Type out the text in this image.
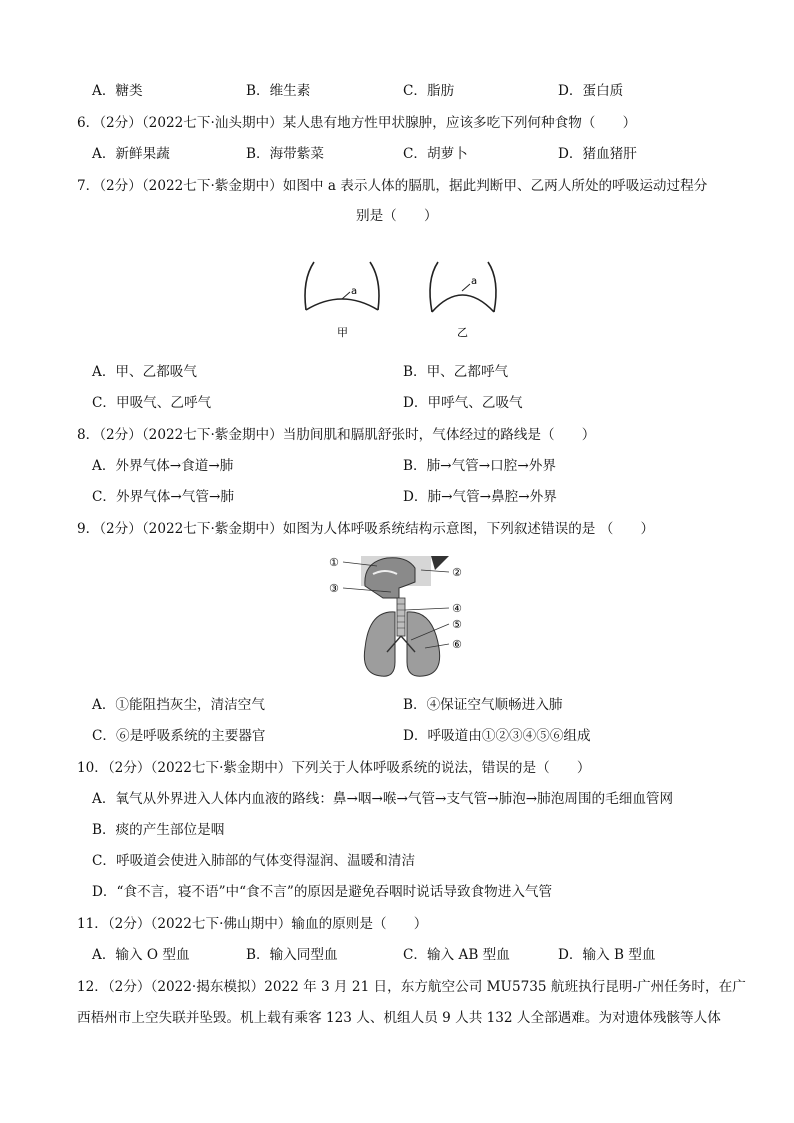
A．糖类	B．维生素	C．脂肪	D．蛋白质
6．（2分）（2022七下·汕头期中）某人患有地方性甲状腺肿，应该多吃下列何种食物（　　）
A．新鲜果蔬	B．海带紫菜	C．胡萝卜	D．猪血猪肝
7．（2分）（2022七下·紫金期中）如图中 a 表示人体的膈肌，据此判断甲、乙两人所处的呼吸运动过程分
别是（　　）
a
甲
a
乙
A．甲、乙都吸气	B．甲、乙都呼气
C．甲吸气、乙呼气	D．甲呼气、乙吸气
8．（2分）（2022七下·紫金期中）当肋间肌和膈肌舒张时，气体经过的路线是（　　）
A．外界气体→食道→肺	B．肺→气管→口腔→外界
C．外界气体→气管→肺	D．肺→气管→鼻腔→外界
9．（2分）（2022七下·紫金期中）如图为人体呼吸系统结构示意图，下列叙述错误的是 （　　）
①
②
③
④
⑤
⑥
A．①能阻挡灰尘，清洁空气	B．④保证空气顺畅进入肺
C．⑥是呼吸系统的主要器官	D．呼吸道由①②③④⑤⑥组成
10．（2分）（2022七下·紫金期中）下列关于人体呼吸系统的说法，错误的是（　　）
A．氧气从外界进入人体内血液的路线：鼻→咽→喉→气管→支气管→肺泡→肺泡周围的毛细血管网
B．痰的产生部位是咽
C．呼吸道会使进入肺部的气体变得湿润、温暖和清洁
D．“食不言，寝不语”中“食不言”的原因是避免吞咽时说话导致食物进入气管
11．（2分）（2022七下·佛山期中）输血的原则是（　　）
A．输入 O 型血	B．输入同型血	C．输入 AB 型血	D．输入 B 型血
12．（2分）（2022·揭东模拟）2022 年 3 月 21 日，东方航空公司 MU5735 航班执行昆明-广州任务时，在广
西梧州市上空失联并坠毁。机上载有乘客 123 人、机组人员 9 人共 132 人全部遇难。为对遗体残骸等人体
